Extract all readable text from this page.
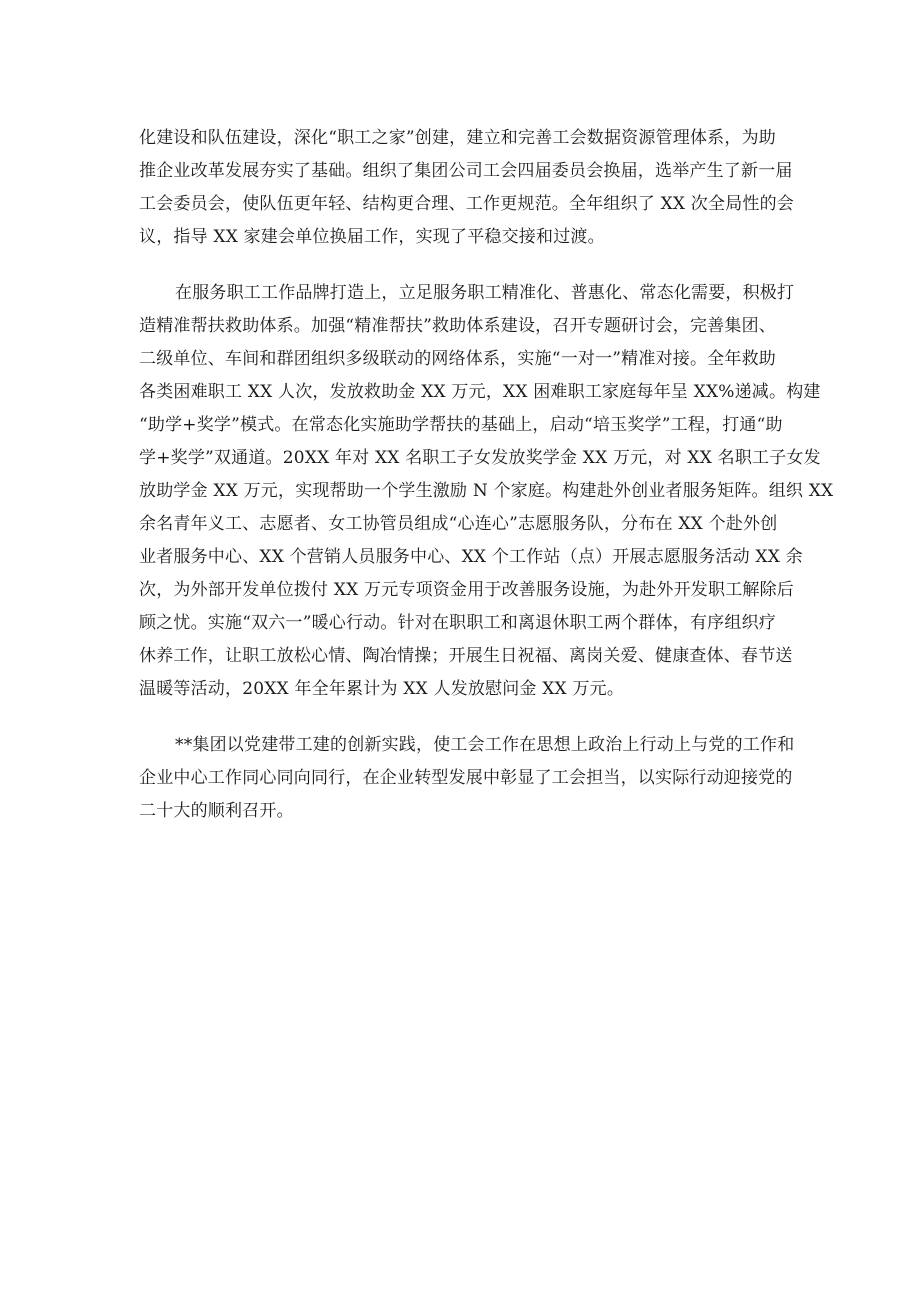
化建设和队伍建设，深化“职工之家”创建，建立和完善工会数据资源管理体系，为助
推企业改革发展夯实了基础。组织了集团公司工会四届委员会换届，选举产生了新一届
工会委员会，使队伍更年轻、结构更合理、工作更规范。全年组织了 XX 次全局性的会
议，指导 XX 家建会单位换届工作，实现了平稳交接和过渡。
在服务职工工作品牌打造上，立足服务职工精准化、普惠化、常态化需要，积极打
造精准帮扶救助体系。加强“精准帮扶”救助体系建设，召开专题研讨会，完善集团、
二级单位、车间和群团组织多级联动的网络体系，实施“一对一”精准对接。全年救助
各类困难职工 XX 人次，发放救助金 XX 万元，XX 困难职工家庭每年呈 XX%递减。构建
“助学+奖学”模式。在常态化实施助学帮扶的基础上，启动“培玉奖学”工程，打通“助
学+奖学”双通道。20XX 年对 XX 名职工子女发放奖学金 XX 万元，对 XX 名职工子女发
放助学金 XX 万元，实现帮助一个学生激励 N 个家庭。构建赴外创业者服务矩阵。组织 XX
余名青年义工、志愿者、女工协管员组成“心连心”志愿服务队，分布在 XX 个赴外创
业者服务中心、XX 个营销人员服务中心、XX 个工作站（点）开展志愿服务活动 XX 余
次，为外部开发单位拨付 XX 万元专项资金用于改善服务设施，为赴外开发职工解除后
顾之忧。实施“双六一”暖心行动。针对在职职工和离退休职工两个群体，有序组织疗
休养工作，让职工放松心情、陶冶情操；开展生日祝福、离岗关爱、健康查体、春节送
温暖等活动，20XX 年全年累计为 XX 人发放慰问金 XX 万元。
**集团以党建带工建的创新实践，使工会工作在思想上政治上行动上与党的工作和
企业中心工作同心同向同行，在企业转型发展中彰显了工会担当，以实际行动迎接党的
二十大的顺利召开。
